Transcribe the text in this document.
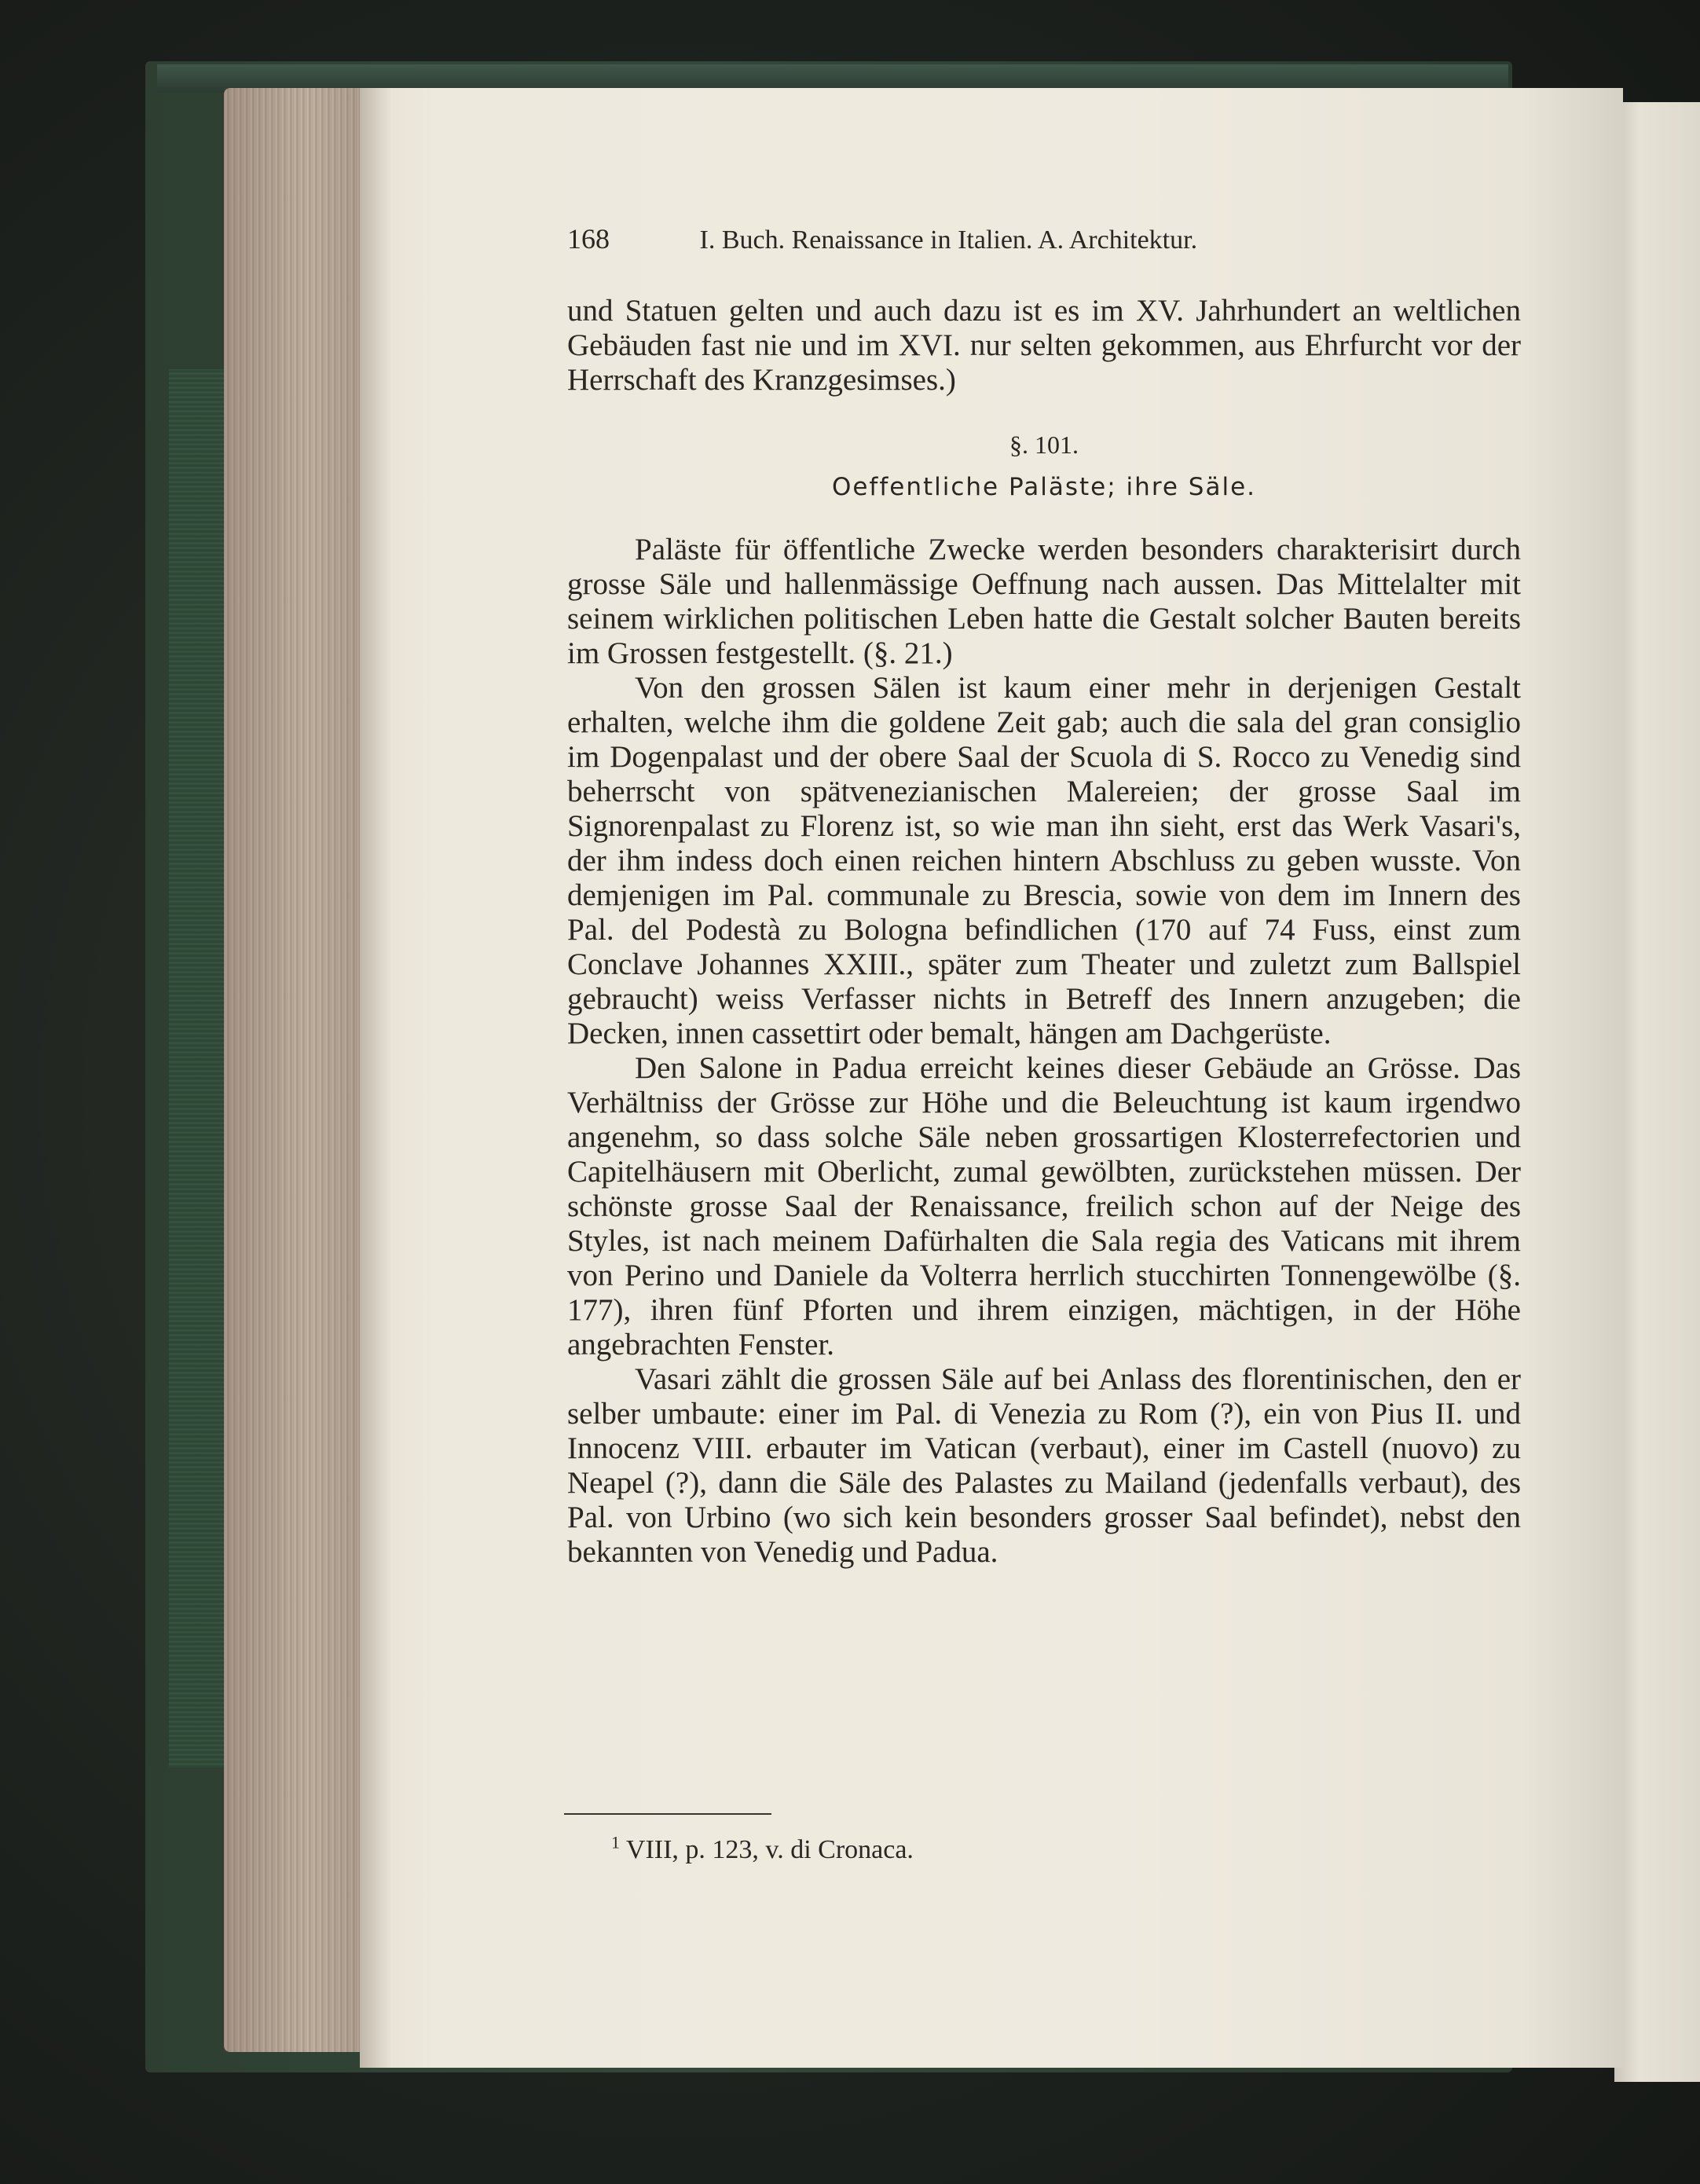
168	I. Buch. Renaissance in Italien. A. Architektur.

und Statuen gelten und auch dazu ist es im XV. Jahrhundert an weltlichen Gebäuden fast nie und im XVI. nur selten gekommen, aus Ehrfurcht vor der Herrschaft des Kranzgesimses.)

§. 101.
Oeffentliche Paläste; ihre Säle.

Paläste für öffentliche Zwecke werden besonders charakterisirt durch grosse Säle und hallenmässige Oeffnung nach aussen. Das Mittelalter mit seinem wirklichen politischen Leben hatte die Gestalt solcher Bauten bereits im Grossen festgestellt. (§. 21.)

Von den grossen Sälen ist kaum einer mehr in derjenigen Gestalt erhalten, welche ihm die goldene Zeit gab; auch die sala del gran consiglio im Dogenpalast und der obere Saal der Scuola di S. Rocco zu Venedig sind beherrscht von spätvenezianischen Malereien; der grosse Saal im Signorenpalast zu Florenz ist, so wie man ihn sieht, erst das Werk Vasari's, der ihm indess doch einen reichen hintern Abschluss zu geben wusste. Von demjenigen im Pal. communale zu Brescia, sowie von dem im Innern des Pal. del Podestà zu Bologna befindlichen (170 auf 74 Fuss, einst zum Conclave Johannes XXIII., später zum Theater und zuletzt zum Ballspiel gebraucht) weiss Verfasser nichts in Betreff des Innern anzugeben; die Decken, innen cassettirt oder bemalt, hängen am Dachgerüste.

Den Salone in Padua erreicht keines dieser Gebäude an Grösse. Das Verhältniss der Grösse zur Höhe und die Beleuchtung ist kaum irgendwo angenehm, so dass solche Säle neben grossartigen Klosterrefectorien und Capitelhäusern mit Oberlicht, zumal gewölbten, zurückstehen müssen. Der schönste grosse Saal der Renaissance, freilich schon auf der Neige des Styles, ist nach meinem Dafürhalten die Sala regia des Vaticans mit ihrem von Perino und Daniele da Volterra herrlich stucchirten Tonnengewölbe (§. 177), ihren fünf Pforten und ihrem einzigen, mächtigen, in der Höhe angebrachten Fenster.

Vasari zählt die grossen Säle auf bei Anlass des florentinischen, den er selber umbaute: einer im Pal. di Venezia zu Rom (?), ein von Pius II. und Innocenz VIII. erbauter im Vatican (verbaut), einer im Castell (nuovo) zu Neapel (?), dann die Säle des Palastes zu Mailand (jedenfalls verbaut), des Pal. von Urbino (wo sich kein besonders grosser Saal befindet), nebst den bekannten von Venedig und Padua.

$^1$ VIII, p. 123, v. di Cronaca.
